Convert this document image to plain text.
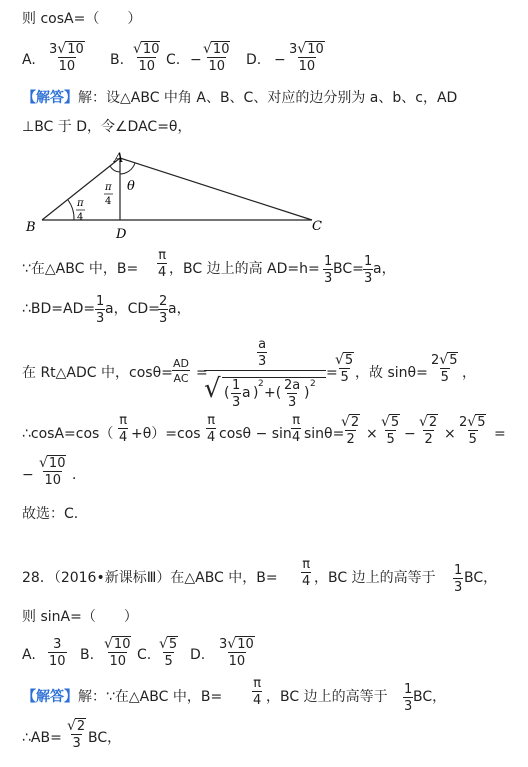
则 cosA=（　　）
A. $\frac{3√10}{10} B$. $\frac{√10}{10} C$. − $\frac{√10}{10} D$. − $\frac{3√10}{10}$
【解答】解：设△ABC 中角 A、B、C、对应的边分别为 a、b、c，AD
⊥BC 于 D，令∠DAC=θ，
A
B	C
D
θ
π
4
π
4
∵在△ABC 中，$B= \frac{\pi}{4}$ ，BC 边上的高 $AD=h= \frac{1}{3} BC= \frac{1}{3}$ a，
∴BD=AD= $\frac{1}{3}$ a，CD=
$\frac{2}{3}$ a，
在 Rt△ADC 中，$\cos\theta= \frac{AD}{AC}$ =
$\frac{a}{3}$
√ ( $\frac{1}{3}$ a )
2
+( $\frac{2a}{3}$ )
2
=
$\frac{√5}{5}$ ，故 $\sin\theta= \frac{2√5}{5}$ ，
∴cosA=cos（ $\frac{\pi}{4} +\theta)=\cos \frac{\pi}{4}$ $\cos\theta - \sin \frac{\pi}{4} \sin\theta=$
$\frac{√2}{2} \times \frac{√5}{5} - \frac{√2}{2} \times \frac{2√5}{5}$ =
− $\frac{√10}{10}$ ．
故选：C.
28．（2016•新课标Ⅲ）在△ABC 中，$B= \frac{\pi}{4}$ ，BC 边上的高等于 $\frac{1}{3}$ BC，
则 sinA=（　　）
A. $\frac{3}{10} B$. $\frac{√10}{10} C$. $\frac{√5}{5} D$. $\frac{3√10}{10}$
【解答】解：∵在△ABC 中，$B= \frac{\pi}{4}$ ，BC 边上的高等于 $\frac{1}{3}$ BC，
∴AB= $\frac{√2}{3}$ BC，
